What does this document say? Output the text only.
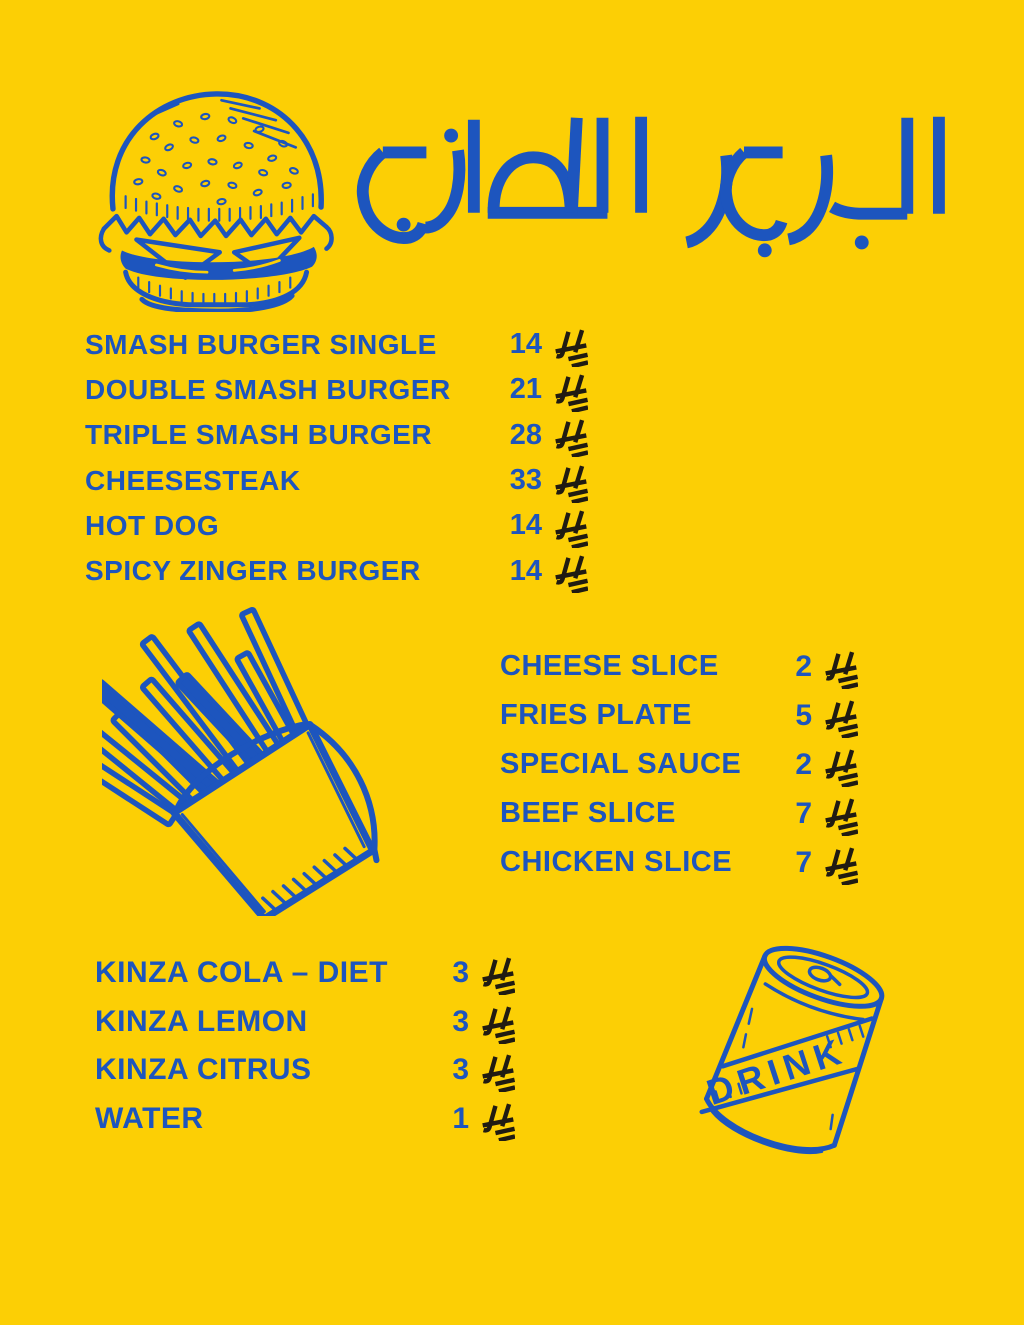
SMASH BURGER SINGLE	14
DOUBLE SMASH BURGER	21
TRIPLE SMASH BURGER	28
CHEESESTEAK	33
HOT DOG	14
SPICY ZINGER BURGER	14
CHEESE SLICE	2
FRIES PLATE	5
SPECIAL SAUCE	2
BEEF SLICE	7
CHICKEN SLICE	7
KINZA COLA – DIET	3
KINZA LEMON	3
KINZA CITRUS	3
WATER	1
DRINK
